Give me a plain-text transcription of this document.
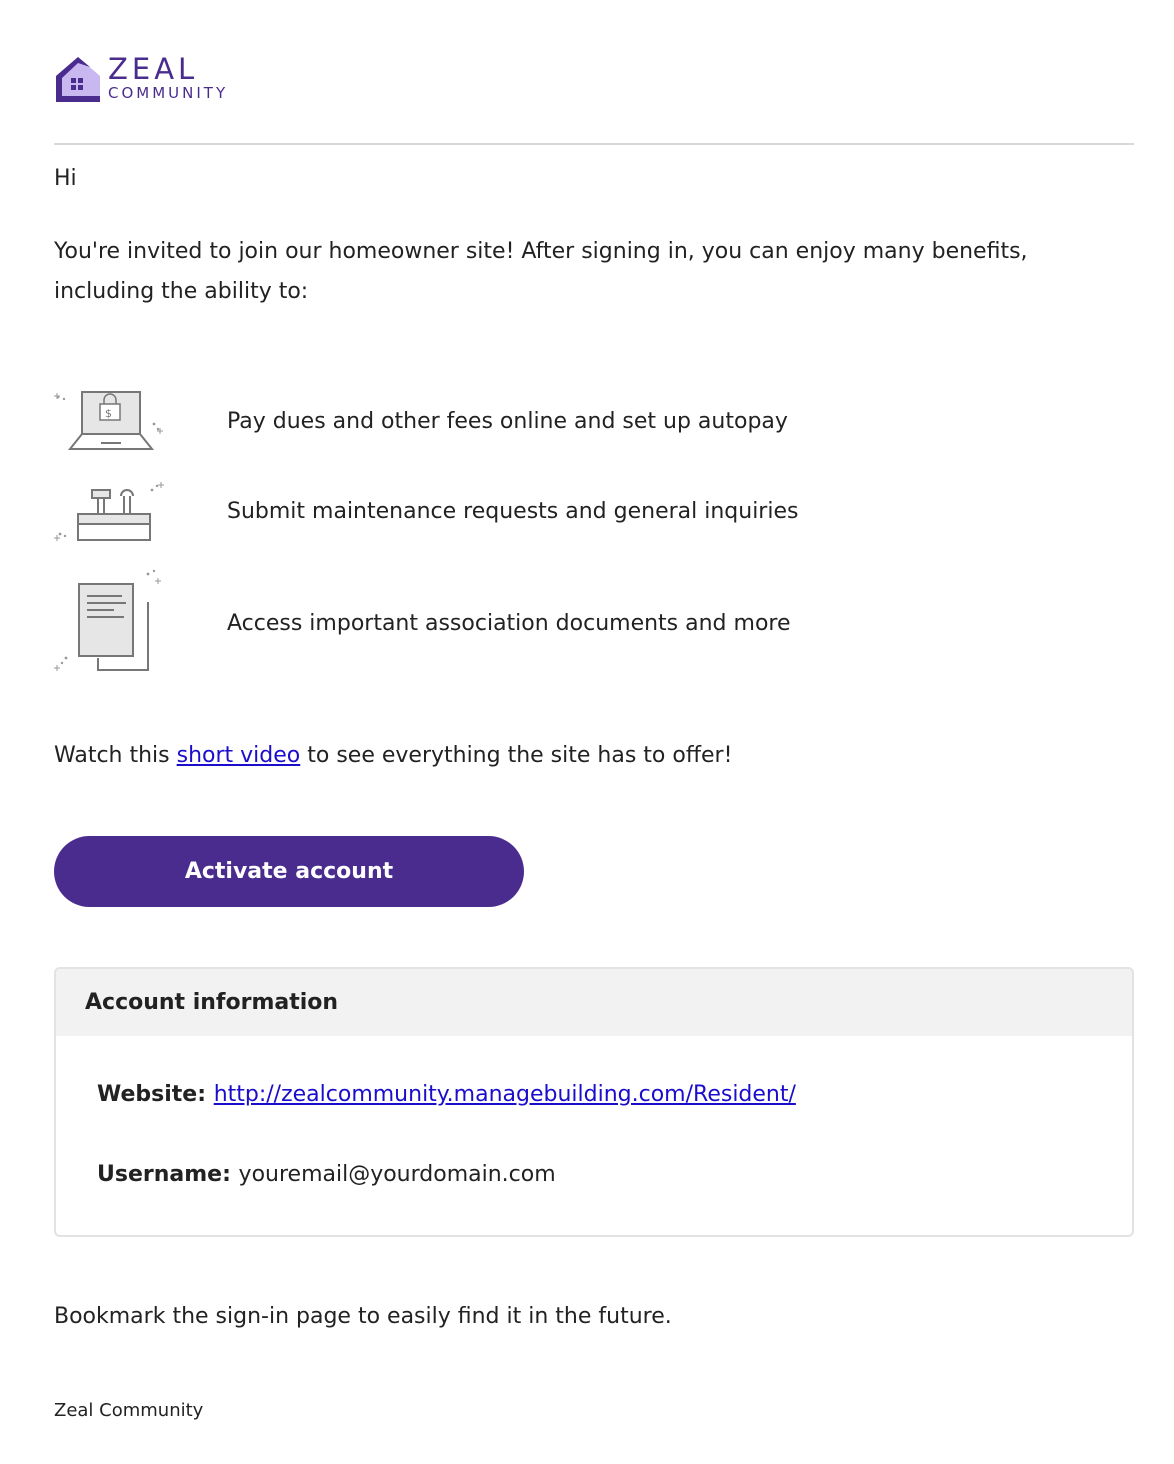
ZEAL
COMMUNITY
Hi
You're invited to join our homeowner site! After signing in, you can enjoy many benefits, including the ability to:
$	Pay dues and other fees online and set up autopay
Submit maintenance requests and general inquiries
Access important association documents and more
Watch this short video to see everything the site has to offer!
Activate account
Account information
Website: http://zealcommunity.managebuilding.com/Resident/
Username: youremail@yourdomain.com
Bookmark the sign-in page to easily find it in the future.
Zeal Community
